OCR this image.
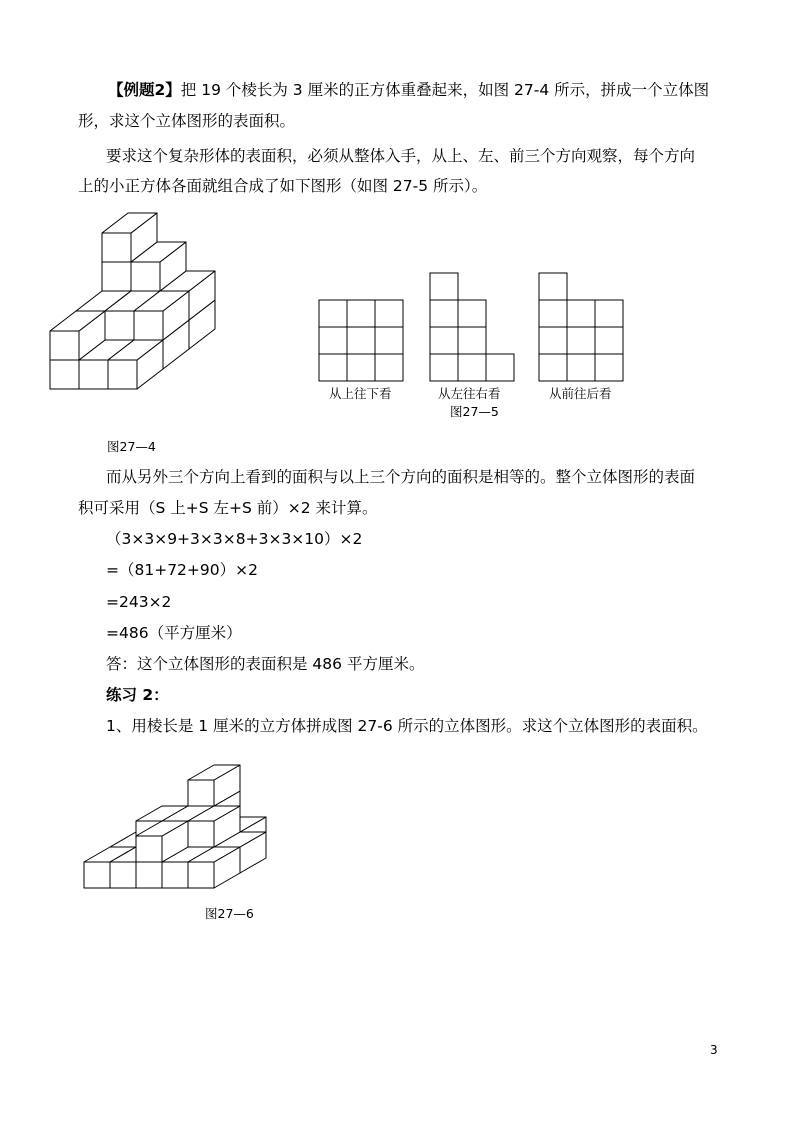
【例题2】把 19 个棱长为 3 厘米的正方体重叠起来，如图 27-4 所示，拼成一个立体图
形，求这个立体图形的表面积。
要求这个复杂形体的表面积，必须从整体入手，从上、左、前三个方向观察，每个方向
上的小正方体各面就组合成了如下图形（如图 27-5 所示）。
图27—4
从上往下看	从左往右看	从前往后看
图27—5
而从另外三个方向上看到的面积与以上三个方向的面积是相等的。整个立体图形的表面
积可采用（S 上+S 左+S 前）×2 来计算。
（3×3×9+3×3×8+3×3×10）×2
=（81+72+90）×2
=243×2
=486（平方厘米）
答：这个立体图形的表面积是 486 平方厘米。
练习 2：
1、用棱长是 1 厘米的立方体拼成图 27-6 所示的立体图形。求这个立体图形的表面积。
图27—6
3
